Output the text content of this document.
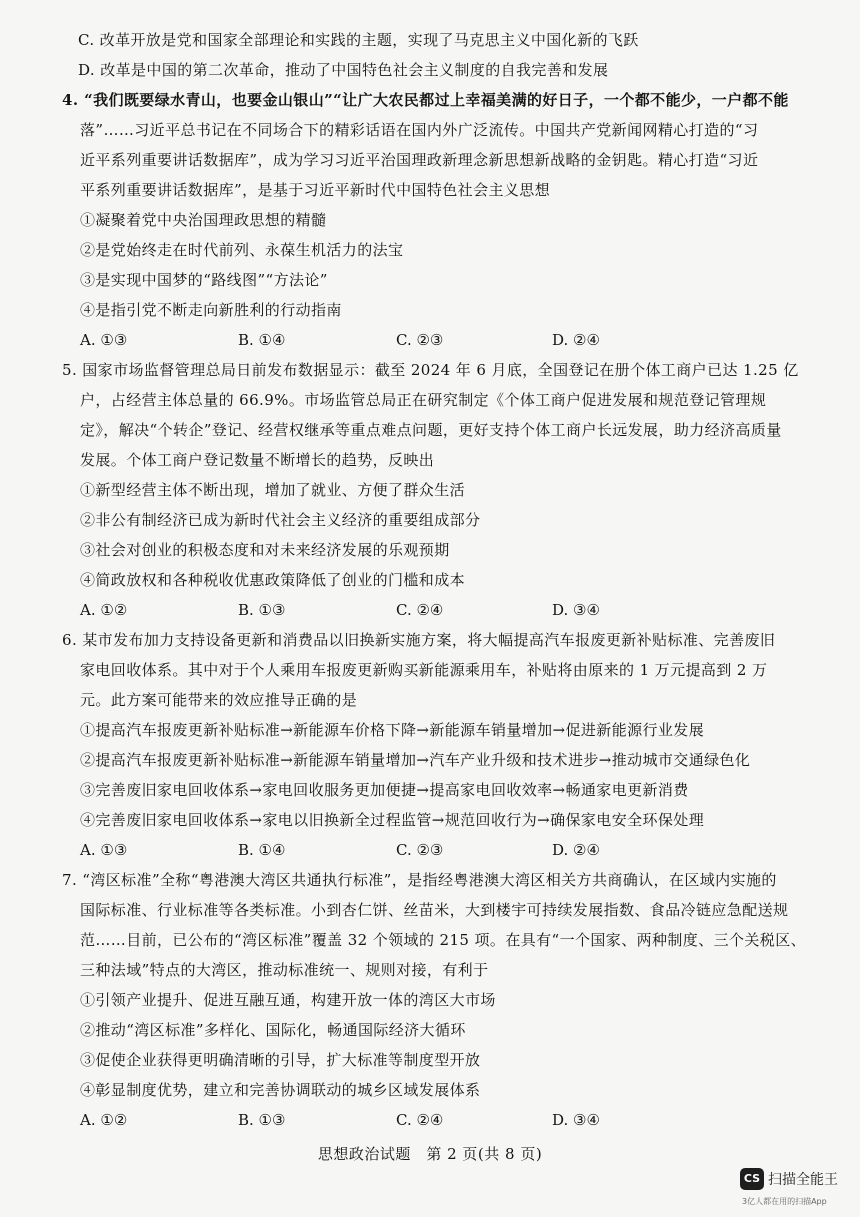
C. 改革开放是党和国家全部理论和实践的主题，实现了马克思主义中国化新的飞跃
D. 改革是中国的第二次革命，推动了中国特色社会主义制度的自我完善和发展
4. “我们既要绿水青山，也要金山银山”“让广大农民都过上幸福美满的好日子，一个都不能少，一户都不能
落”……习近平总书记在不同场合下的精彩话语在国内外广泛流传。中国共产党新闻网精心打造的“习
近平系列重要讲话数据库”，成为学习习近平治国理政新理念新思想新战略的金钥匙。精心打造“习近
平系列重要讲话数据库”，是基于习近平新时代中国特色社会主义思想
①凝聚着党中央治国理政思想的精髓
②是党始终走在时代前列、永葆生机活力的法宝
③是实现中国梦的“路线图”“方法论”
④是指引党不断走向新胜利的行动指南
A. ①③	B. ①④	C. ②③	D. ②④
5. 国家市场监督管理总局日前发布数据显示：截至 2024 年 6 月底，全国登记在册个体工商户已达 1.25 亿
户，占经营主体总量的 66.9%。市场监管总局正在研究制定《个体工商户促进发展和规范登记管理规
定》，解决“个转企”登记、经营权继承等重点难点问题，更好支持个体工商户长远发展，助力经济高质量
发展。个体工商户登记数量不断增长的趋势，反映出
①新型经营主体不断出现，增加了就业、方便了群众生活
②非公有制经济已成为新时代社会主义经济的重要组成部分
③社会对创业的积极态度和对未来经济发展的乐观预期
④简政放权和各种税收优惠政策降低了创业的门槛和成本
A. ①②	B. ①③	C. ②④	D. ③④
6. 某市发布加力支持设备更新和消费品以旧换新实施方案，将大幅提高汽车报废更新补贴标准、完善废旧
家电回收体系。其中对于个人乘用车报废更新购买新能源乘用车，补贴将由原来的 1 万元提高到 2 万
元。此方案可能带来的效应推导正确的是
①提高汽车报废更新补贴标准→新能源车价格下降→新能源车销量增加→促进新能源行业发展
②提高汽车报废更新补贴标准→新能源车销量增加→汽车产业升级和技术进步→推动城市交通绿色化
③完善废旧家电回收体系→家电回收服务更加便捷→提高家电回收效率→畅通家电更新消费
④完善废旧家电回收体系→家电以旧换新全过程监管→规范回收行为→确保家电安全环保处理
A. ①③	B. ①④	C. ②③	D. ②④
7. “湾区标准”全称“粤港澳大湾区共通执行标准”，是指经粤港澳大湾区相关方共商确认，在区域内实施的
国际标准、行业标准等各类标准。小到杏仁饼、丝苗米，大到楼宇可持续发展指数、食品冷链应急配送规
范……目前，已公布的“湾区标准”覆盖 32 个领域的 215 项。在具有“一个国家、两种制度、三个关税区、
三种法域”特点的大湾区，推动标准统一、规则对接，有利于
①引领产业提升、促进互融互通，构建开放一体的湾区大市场
②推动“湾区标准”多样化、国际化，畅通国际经济大循环
③促使企业获得更明确清晰的引导，扩大标准等制度型开放
④彰显制度优势，建立和完善协调联动的城乡区域发展体系
A. ①②	B. ①③	C. ②④	D. ③④
思想政治试题　第 2 页(共 8 页)
CS 扫描全能王
3亿人都在用的扫描App
